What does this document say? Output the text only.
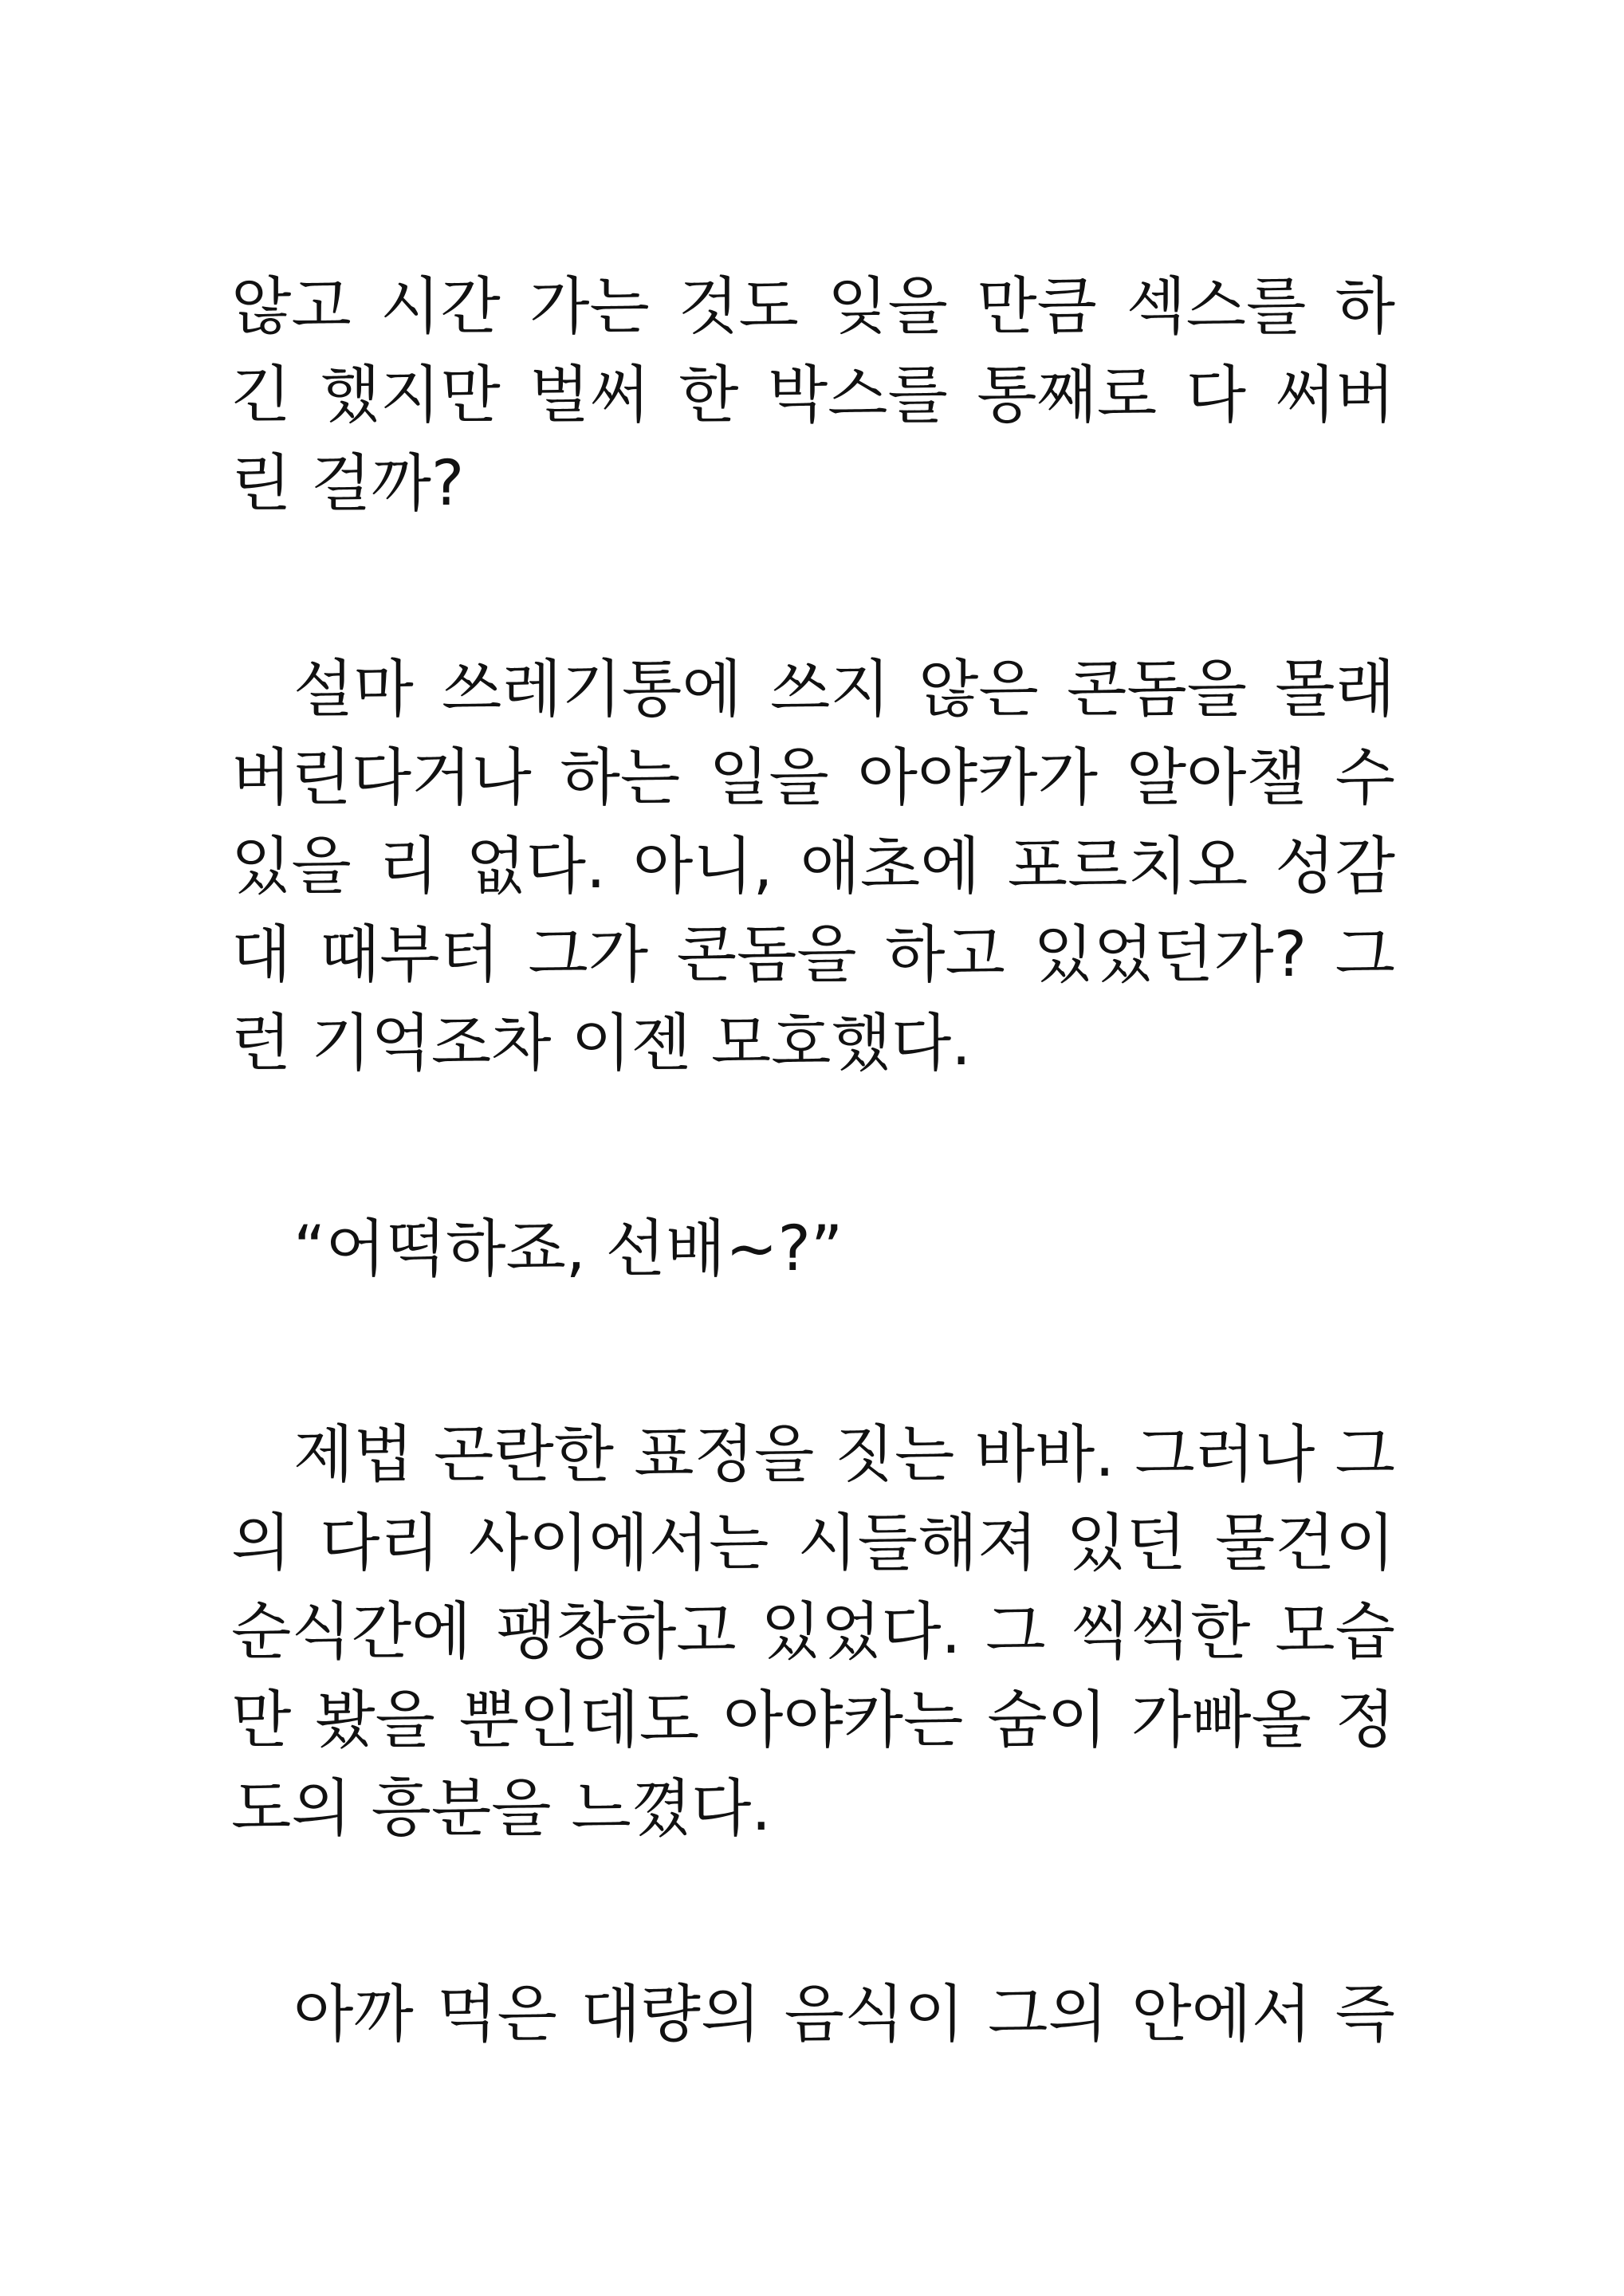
않고 시간 가는 것도 잊을 만큼 섹스를 하
긴 했지만 벌써 한 박스를 통째로 다 써버
린 걸까?
설마 쓰레기통에 쓰지 않은 콘돔을 몰래
버린다거나 하는 일을 아야카가 알아챌 수
있을 리 없다. 아니, 애초에 포르치오 성감
대 때부터 그가 콘돔을 하고 있었던가? 그
런 기억조차 이젠 모호했다.
“어떡하죠, 선배~?”
제법 곤란한 표정을 짓는 바바. 그러나 그
의 다리 사이에서는 시들해져 있던 물건이
순식간에 팽창하고 있었다. 그 씩씩한 모습
만 봤을 뿐인데도 아야카는 숨이 가빠올 정
도의 흥분을 느꼈다.
아까 먹은 대량의 음식이 그의 안에서 즉
